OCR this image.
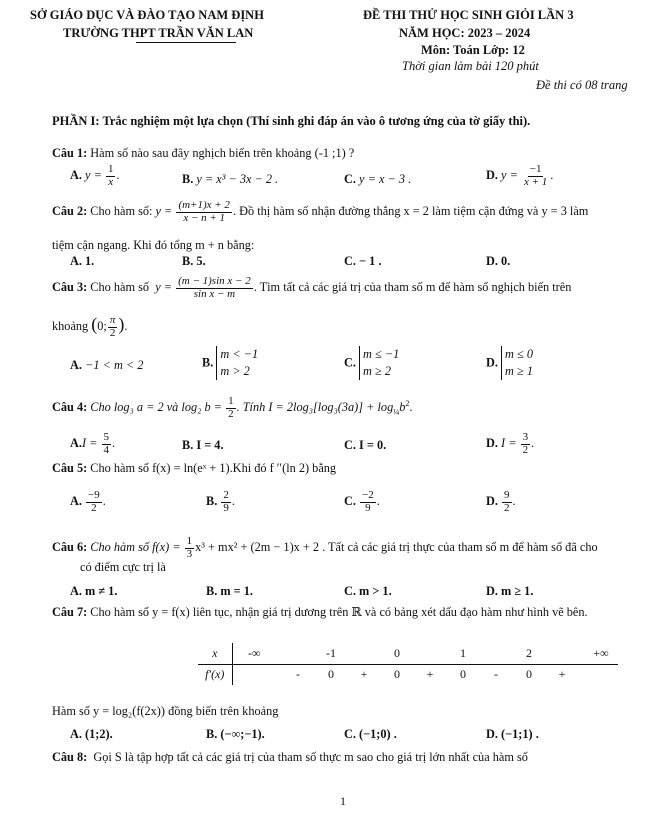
SỞ GIÁO DỤC VÀ ĐÀO TẠO NAM ĐỊNH
TRƯỜNG THPT TRẦN VĂN LAN
ĐỀ THI THỬ HỌC SINH GIỎI LẦN 3
NĂM HỌC: 2023 – 2024
Môn: Toán Lớp: 12
Thời gian làm bài 120 phút
Đề thi có 08 trang
PHẦN I: Trắc nghiệm một lựa chọn (Thí sinh ghi đáp án vào ô tương ứng của tờ giấy thi).
Câu 1: Hàm số nào sau đây nghịch biến trên khoảng (-1 ;1) ?
A. $y = \frac{1}{x}$ .	B. y = x³ − 3x − 2 .	C. y = x − 3 .	D. $y = \frac{-1}{x + 1}$ .
Câu 2: Cho hàm số: $y = \frac{(m+1)x + 2}{x - n + 1}$ . Đồ thị hàm số nhận đường thẳng x = 2 làm tiệm cận đứng và y = 3 làm
tiệm cận ngang. Khi đó tổng m + n bằng:
A. 1.	B. 5.	C. − 1 .	D. 0.
Câu 3: Cho hàm số $y = \frac{\text{(m − 1)sin x − 2}}{\text{sin x − m}}$ . Tìm tất cả các giá trị của tham số m để hàm số nghịch biến trên
khoảng (0; $\frac{\pi}{2}$ ).
A. −1 < m < 2	B. m < −1
m > 2
C. m ≤ −1
m ≥ 2
D. m ≤ 0
m ≥ 1
Câu 4: Cho log₃ a = 2 và log₂ $b = \frac{1}{2}$ . Tính $I = 2\log_3[\log_3(3a)] + \log_{\frac{1}{4}}b^2$.
$A.I = \frac{5}{4}$ .	B. I = 4.	C. I = 0.	D. $I = \frac{3}{2}$ .
Câu 5: Cho hàm số f(x) = ln(eˣ + 1).Khi đó f ′′(ln 2) bằng
A. $\frac{-9}{2}$ .	B. $\frac{2}{9}$ .	C. $\frac{-2}{9}$ .	D. $\frac{9}{2}$ .
Câu 6: Cho hàm số $f(x) = \frac{1}{3} x^3 + mx^2 + (2m - 1)x + 2$ . Tất cả các giá trị thực của tham số m để hàm số đã cho
có điểm cực trị là
A. m ≠ 1.	B. m = 1.	C. m > 1.	D. m ≥ 1.
Câu 7: Cho hàm số y = f(x) liên tục, nhận giá trị dương trên ℝ và có bảng xét dấu đạo hàm như hình vẽ bên.
x	-∞		-1		0		1		2		+∞
f′(x)		-	0	+	0	+	0	-	0	+	
Hàm số y = log₂(f(2x)) đồng biến trên khoảng
A. (1;2).	B. (−∞;−1).	C. (−1;0) .	D. (−1;1) .
Câu 8: Gọi S là tập hợp tất cả các giá trị của tham số thực m sao cho giá trị lớn nhất của hàm số
1
